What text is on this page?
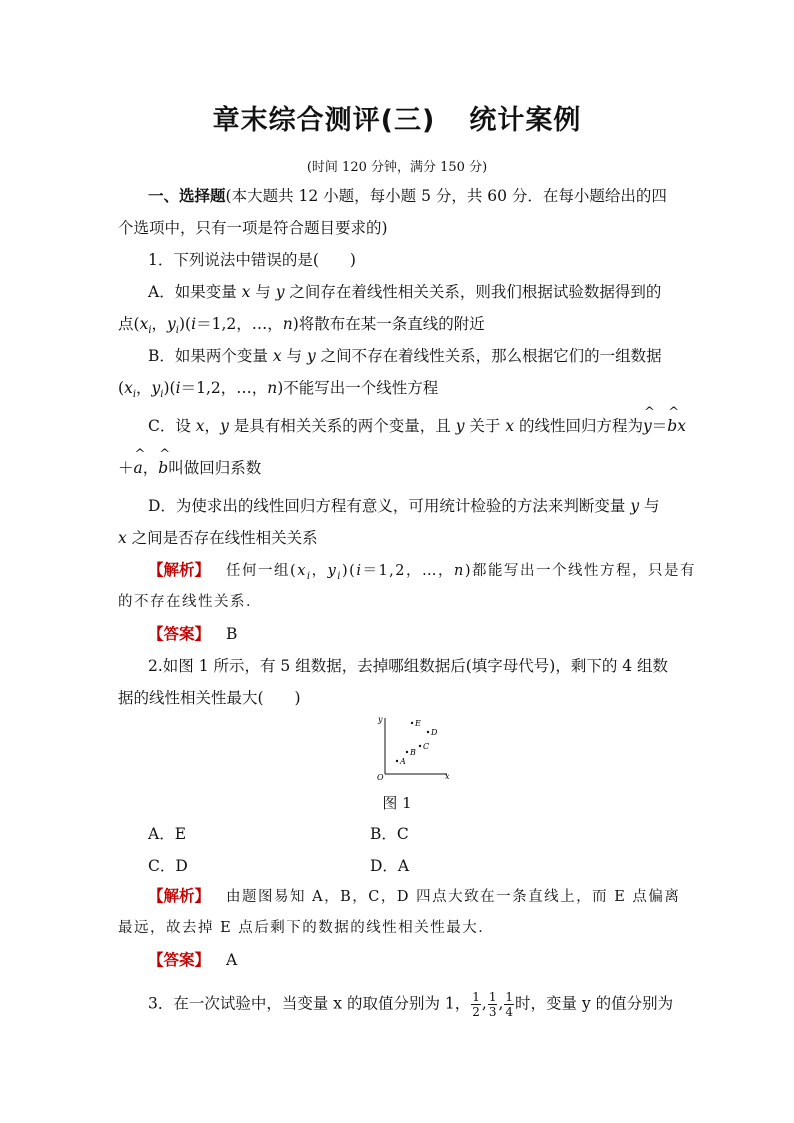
章末综合测评(三) 统计案例
(时间 120 分钟，满分 150 分)
一、选择题(本大题共 12 小题，每小题 5 分，共 60 分．在每小题给出的四
个选项中，只有一项是符合题目要求的)
1．下列说法中错误的是(　　)
A．如果变量 x 与 y 之间存在着线性相关关系，则我们根据试验数据得到的
点($x_i$，$y_i)(i=1,2$，…，n)将散布在某一条直线的附近
B．如果两个变量 x 与 y 之间不存在着线性关系，那么根据它们的一组数据
($x_i$，$y_i)(i=1,2$，…，n)不能写出一个线性方程
C．设 x，y 是具有相关关系的两个变量，且 y 关于 x 的线性回归方程为^ y＝^ bx
＋^ a，^ b叫做回归系数
D．为使求出的线性回归方程有意义，可用统计检验的方法来判断变量 y 与
x 之间是否存在线性相关关系
【解析】 任何一组($x_i$，$y_i)(i=1,2$，…，n)都能写出一个线性方程，只是有
的不存在线性关系．
【答案】 B
2.如图 1 所示，有 5 组数据，去掉哪组数据后(填字母代号)，剩下的 4 组数
据的线性相关性最大(　　)
y
x
O
E
D
C
B
A
图 1
A．E	B．C
C．D	D．A
【解析】 由题图易知 A，B，C，D 四点大致在一条直线上，而 E 点偏离
最远，故去掉 E 点后剩下的数据的线性相关性最大．
【答案】 A
3．在一次试验中，当变量 x 的取值分别为 1， $\frac{1}{2}$ , $\frac{1}{3}$ , $\frac{1}{4}$ 时，变量 y 的值分别为
